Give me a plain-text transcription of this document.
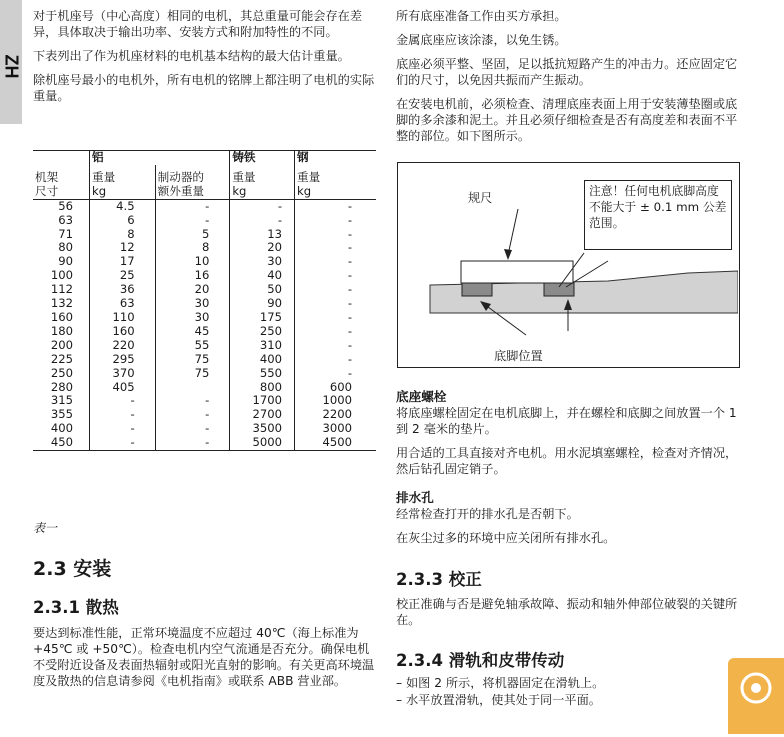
ZH

对于机座号（中心高度）相同的电机，其总重量可能会存在差异，具体取决于输出功率、安装方式和附加特性的不同。

下表列出了作为机座材料的电机基本结构的最大估计重量。

除机座号最小的电机外，所有电机的铭牌上都注明了电机的实际重量。

	铝		铸铁	钢

机架	重量	制动器的	重量	重量
尺寸	kg	额外重量	kg	kg
56	4.5	-	-	-
63	6	-	-	-
71	8	5	13	-
80	12	8	20	-
90	17	10	30	-
100	25	16	40	-
112	36	20	50	-
132	63	30	90	-
160	110	30	175	-
180	160	45	250	-
200	220	55	310	-
225	295	75	400	-
250	370	75	550	-
280	405		800	600
315	-	-	1700	1000
355	-	-	2700	2200
400	-	-	3500	3000
450	-	-	5000	4500

表一
2.3 安装
2.3.1 散热

要达到标准性能，正常环境温度不应超过 40℃（海上标准为 +45℃ 或 +50℃）。检查电机内空气流通是否充分。确保电机不受附近设备及表面热辐射或阳光直射的影响。有关更高环境温度及散热的信息请参阅《电机指南》或联系 ABB 营业部。

所有底座准备工作由买方承担。

金属底座应该涂漆，以免生锈。

底座必须平整、坚固，足以抵抗短路产生的冲击力。还应固定它们的尺寸，以免因共振而产生振动。

在安装电机前，必须检查、清理底座表面上用于安装薄垫圈或底脚的多余漆和泥土。并且必须仔细检查是否有高度差和表面不平整的部位。如下图所示。

规尺
底脚位置
注意！任何电机底脚高度不能大于 ± 0.1 mm 公差范围。
底座螺栓

将底座螺栓固定在电机底脚上，并在螺栓和底脚之间放置一个 1 到 2 毫米的垫片。

用合适的工具直接对齐电机。用水泥填塞螺栓，检查对齐情况，然后钻孔固定销子。

排水孔

经常检查打开的排水孔是否朝下。

在灰尘过多的环境中应关闭所有排水孔。

2.3.3 校正

校正准确与否是避免轴承故障、振动和轴外伸部位破裂的关键所在。

2.3.4 滑轨和皮带传动

– 如图 2 所示，将机器固定在滑轨上。

– 水平放置滑轨，使其处于同一平面。
